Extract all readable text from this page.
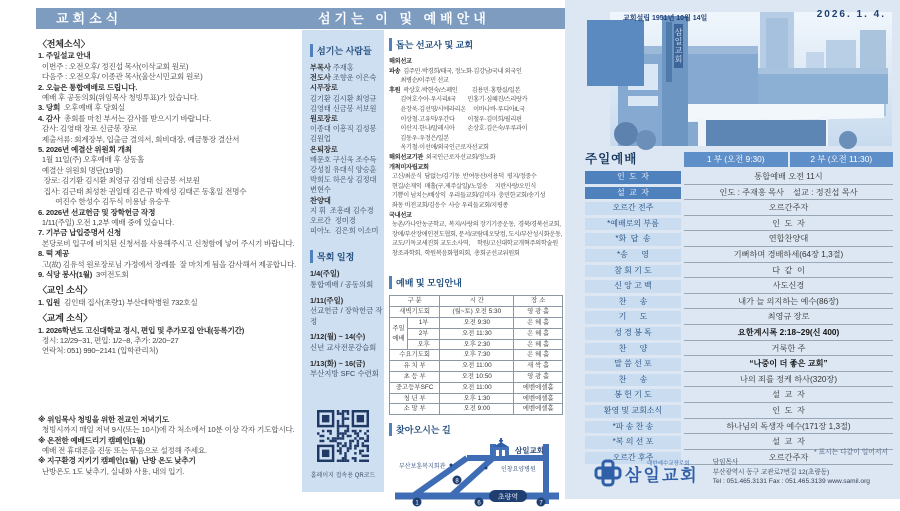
교회소식	섬기는 이 및 예배안내
〈전체소식〉
1. 주일설교 안내
이번주 : 오전오후/ 정진섭 목사(이삭교회 원로)
다음주 : 오전오후/ 이종관 목사(울산시민교회 원로)
2. 오늘은 통합예배로 드립니다.
예배 후 공동의회(위임목사 청빙투표)가 있습니다.
3. 당회  오후예배 후 당회실
4. 감사  총회를 마친 부서는 감사를 받으시기 바랍니다.
감사: 김영태 장로 신금봉 장로
제출서류: 회계장부, 입출금 결의서, 회비대장, 예금통장 결산서
5. 2026년 예결산 위원회 개최
1월 11일(주) 오후예배 후 상동홀
예결산 위원회 명단(19명)
장로: 김기환 김시환 최영규 김영태 신금봉 서보원
집사: 김근태 최성찬 권일태 김은규 박제성 김태곤 동홍일 전명수
여진수 한성수 김두식 이용남 유승우
6. 2026년 선교헌금 및 장학헌금 작정
1/11(주일) 오전 1,2부 예배 중에 있습니다.
7. 기부금 납입증명서 신청
본당로비 입구에 비치된 신청서를 사용해주시고 신청함에 넣어 주시기 바랍니다.
8. 떡 제공
고(故) 김유석 원로장로님 가정에서 장례를  잘 마치게 됨을 감사해서 제공합니다.
9. 식당 봉사(1월)  3여전도회
〈교인 소식〉
1. 입원  김인태 집사(초량1) 부산대학병원 732호실
〈교계 소식〉
1. 2026학년도 고신대학교 정시, 편입 및 추가모집 안내(등록기간)
정시: 12/29~31, 편입: 1/2~8, 추가: 2/20~27
연락처: 051) 990~2141 (입학관리처)
※ 위임목사 청빙을 위한 전교인 저녁기도
청빙시까지 매일 저녁 9시(또는 10시)에 각 처소에서 10분 이상 각자 기도합시다.
※ 온전한 예배드리기 캠페인(1월)
예배 전 휴대폰을 진동 또는 무음으로 설정해 주세요.
※ 지구환경 지키기 캠페인(1월)  난방 온도 낮추기
난방온도 1도 낮추기, 실내화 사용, 내의 입기.
섬기는 사람들
부목사 주재홍
전도사 조향운 이은숙
시무장로
김기환 김시환 최영규
김영태 신금봉 서보원
원로장로
이종대 이흥직 김성봉
김원업
은퇴장로
배문호 구신욱 조수득
강성칠 유대식 양승훈
박희도 하은상 김정대
변현수
찬양대
지 휘  조흥래 김수경
오르간  정미경
피아노  김은희 이소미
목회 일정
1/4(주일)
통합예배 / 공동의회
1/11(주일)
선교헌금 / 장학헌금 작정
1/12(월) ~ 14(수)
신년 교사전문강습회
1/13(화) ~ 16(금)
부산지방 SFC 수련회
홈페이지 접속용 QR코드
돕는 선교사 및 교회
해외선교
파송  김주민·박경희/태국, 정노화·김강남/국내 외국인
최병순/이주민 선교
후원  곽상호·박현숙/스페인          김용민·홍향실/일본
김여호수아·우시리/I국        민홍기·심혜진/스리랑카
윤장욱·김선영/시에라리온     이바나바·루디아/L국
이상철·고유덕/우간다         이철우·김미희/필리핀
이산지·한나/말레시아         손상호·김은숙/우루과이
김동우·우정은/일본
옥기철·이선애/외국인근로자선교회
해외선교기관  외국인근로자선교회/정노화
개척미자립교회
고신/최운식  담없는/김기동  반여동산/서용덕  평지/정중수
현길/손재익  매홀(구,제주살일)/노일송     지란사랑/오민식
기쁨이 넘치는/배상익  우리들교회/김미자  충민한교회/송기성
좌동 비전교회/김응수  사승 우리들교회/지평종
국내선교
농촌/가나안농군학교,  복지/사랑의 장기기증운동,  경북/경북선교회,
장애/부산장애인전도협회, 문서/코람데오닷컴, 도시/부산성시화운동,
교도/기독교세진회 교도소사역,     학원/고신대학교개혁주의학술원
창조과학회,  학원복음화협의회,  총회군선교위원회
예배 및 모임안내
구 분		시 간	장 소
새벽기도회		(월~토) 오전 5:30	영 광 홀
주일예배	1부	오전 9:30	은 혜 홀
	2부	오전 11:30	은 혜 홀
	오후	오후 2:30	은 혜 홀
수요기도회		오후 7:30	은 혜 홀
유 치 부		오전 11:00	새 싹 홀
초 등 부		오전 10:50	영 광 홀
중고등부SFC		오전 11:00	에벤에셀홀
청 년 부		오후 1:30	에벤에셀홀
소 망 부		오전 9:00	에벤에셀홀
찾아오시는 길
삼일교회
인창요양병원
부산보훈복지회관
초량역
1
8
6	7
삼일교회
교회설립 1951년 10월 14일	2026. 1. 4.
주일예배	1 부 (오전 9:30)	2 부 (오전 11:30)
인  도  자	통합예배 오전 11시
설  교  자	인도 : 주재홍 목사    설교 : 정진섭 목사
오르간 전주	오르간주자
*예배로의 부름	인  도  자
*화  답  송	연합찬양대
*송      영	기뻐하며 경배하세(64장 1,3절)
참 회 기 도	다  같  이
신 앙 고 백	사도신경
찬      송	내가 늘 의지하는 예수(86장)
기      도	최영규 장로
성 경 봉 독	요한계시록 2:18~29(신 400)
찬      양	거룩한 주
말 씀 선 포	“나중이 더 좋은 교회”
찬      송	나의 죄를 정케 하사(320장)
봉 헌 기 도	설  교  자
환영 및 교회소식	인  도  자
*파 송 찬 송	하나님의 독생자 예수(171장 1,3절)
*복 의 선 포	설  교  자
오르간 후주	오르간주자
* 표시는 다같이 일어서서
대한예수교장로회
삼일교회
담임목사
부산광역시 동구 교관로7번길 12(초량동)
Tel : 051.465.3131 Fax : 051.465.3139 www.samil.org
